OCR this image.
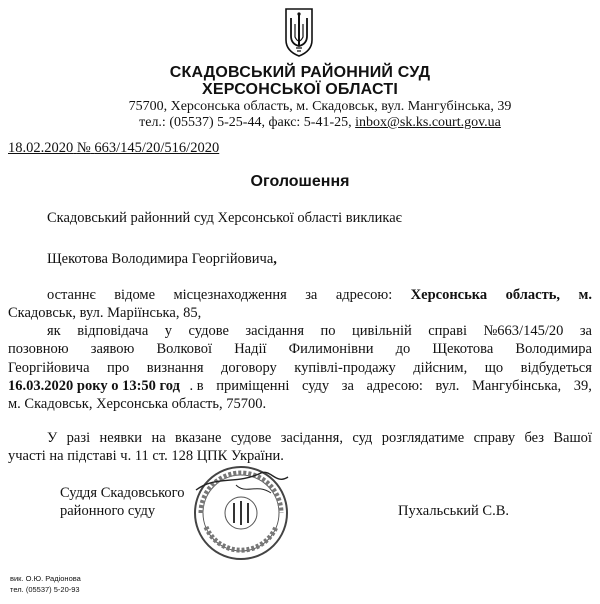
СКАДОВСЬКИЙ РАЙОННИЙ СУД
ХЕРСОНСЬКОЇ ОБЛАСТІ
75700, Херсонська область, м. Скадовськ, вул. Мангубінська, 39
тел.: (05537) 5-25-44, факс: 5-41-25, inbox@sk.ks.court.gov.ua
18.02.2020 № 663/145/20/516/2020
Оголошення
Скадовський районний суд Херсонської області викликає
Щекотова Володимира Георгійовича,
Скадовськ, вул. Маріїнська, 85,
м. Скадовськ, Херсонська область, 75700.
участі на підставі ч. 11 ст. 128 ЦПК України.
Суддя Скадовського
районного суду	Пухальський С.В.
вик. О.Ю. Радіонова
тел. (05537) 5-20-93
останнє відоме місцезнаходження за адресою: Херсонська область, м.
як відповідача у судове засідання по цивільній справі №663/145/20 за
позовною заявою Волкової Надії Филимонівни до Щекотова Володимира
Георгійовича про визнання договору купівлі-продажу дійсним, що відбудеться
16.03.2020 року о 13:50 год . в приміщенні суду за адресою: вул. Мангубінська, 39,
У разі неявки на вказане судове засідання, суд розглядатиме справу без Вашої
